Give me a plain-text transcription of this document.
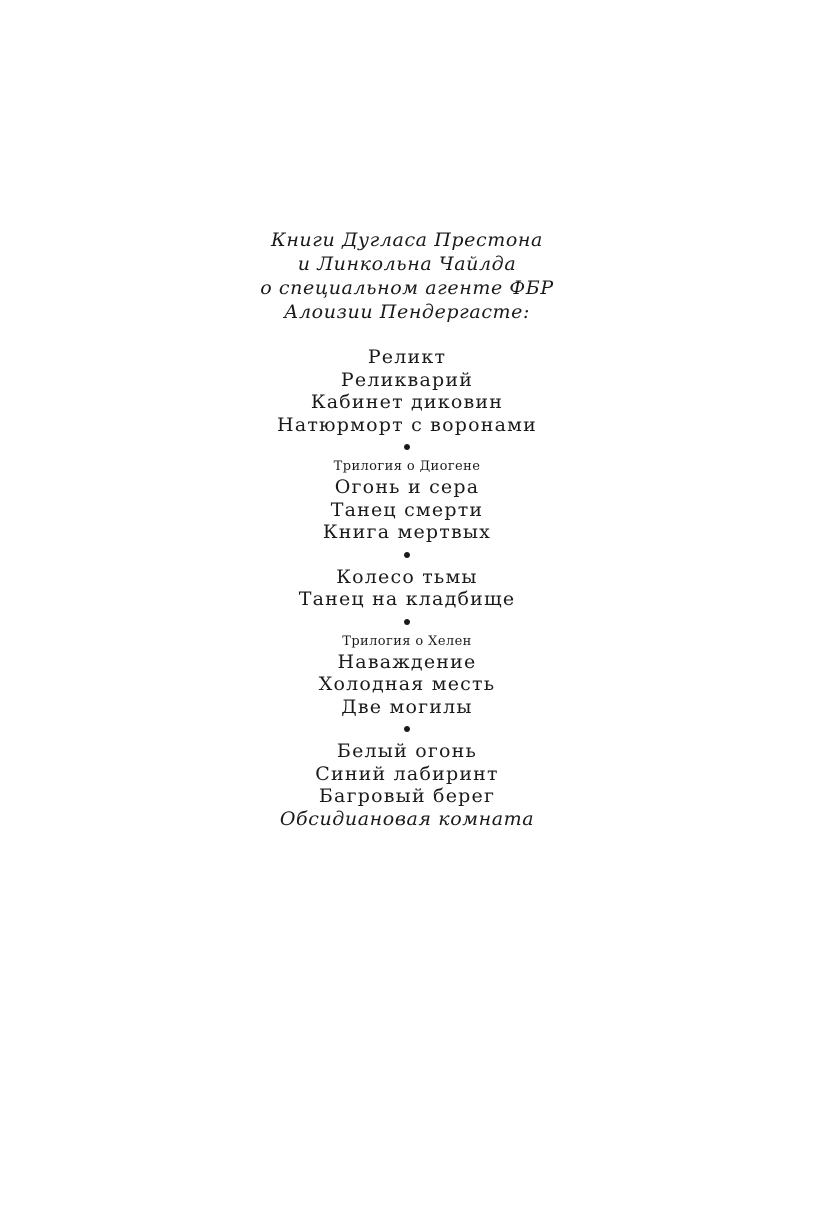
Книги Дугласа Престона
и Линкольна Чайлда
о специальном агенте ФБР
Алоизии Пендергасте:
Реликт
Реликварий
Кабинет диковин
Натюрморт с воронами
Трилогия о Диогене
Огонь и сера
Танец смерти
Книга мертвых
Колесо тьмы
Танец на кладбище
Трилогия о Хелен
Наваждение
Холодная месть
Две могилы
Белый огонь
Синий лабиринт
Багровый берег
Обсидиановая комната
